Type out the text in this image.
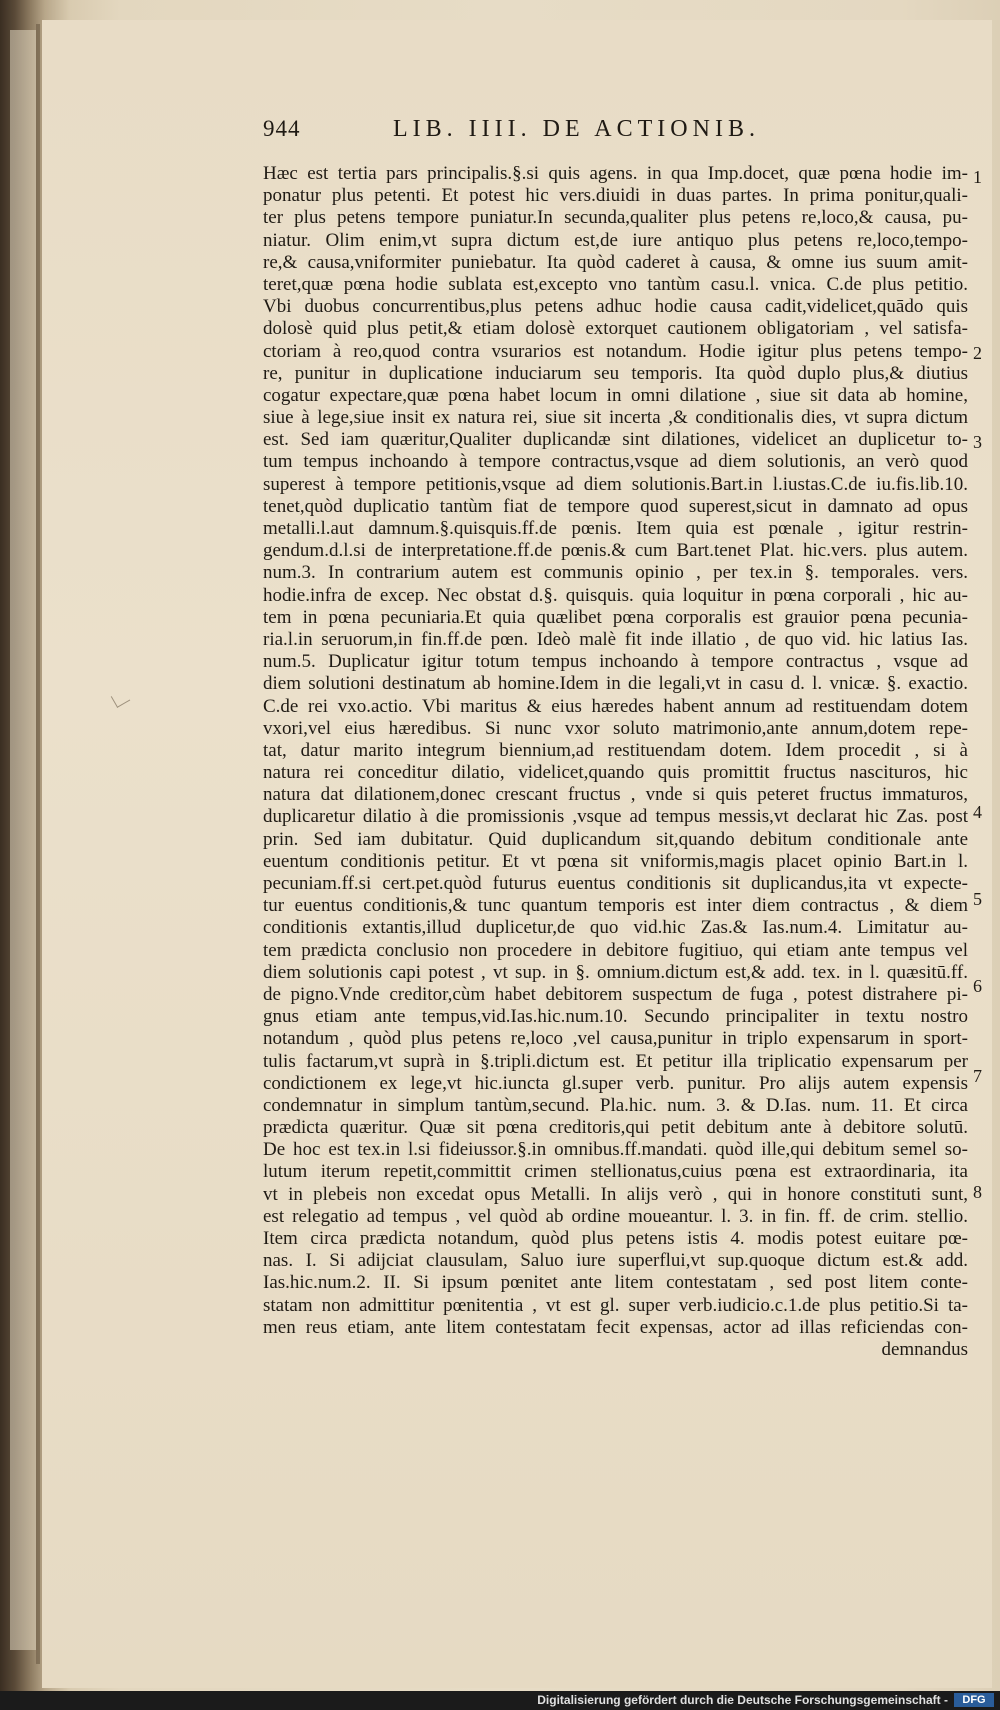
944	LIB. IIII. DE ACTIONIB.
Hæc est tertia pars principalis.§.si quis agens. in qua Imp.docet, quæ pœna hodie im-
ponatur plus petenti. Et potest hic vers.diuidi in duas partes. In prima ponitur,quali-
ter plus petens tempore puniatur.In secunda,qualiter plus petens re,loco,& causa, pu-
niatur. Olim enim,vt supra dictum est,de iure antiquo plus petens re,loco,tempo-
re,& causa,vniformiter puniebatur. Ita quòd caderet à causa, & omne ius suum amit-
teret,quæ pœna hodie sublata est,excepto vno tantùm casu.l. vnica. C.de plus petitio.
Vbi duobus concurrentibus,plus petens adhuc hodie causa cadit,videlicet,quādo quis
dolosè quid plus petit,& etiam dolosè extorquet cautionem obligatoriam , vel satisfa-
ctoriam à reo,quod contra vsurarios est notandum. Hodie igitur plus petens tempo-
re, punitur in duplicatione induciarum seu temporis. Ita quòd duplo plus,& diutius
cogatur expectare,quæ pœna habet locum in omni dilatione , siue sit data ab homine,
siue à lege,siue insit ex natura rei, siue sit incerta ,& conditionalis dies, vt supra dictum
est. Sed iam quæritur,Qualiter duplicandæ sint dilationes, videlicet an duplicetur to-
tum tempus inchoando à tempore contractus,vsque ad diem solutionis, an verò quod
superest à tempore petitionis,vsque ad diem solutionis.Bart.in l.iustas.C.de iu.fis.lib.10.
tenet,quòd duplicatio tantùm fiat de tempore quod superest,sicut in damnato ad opus
metalli.l.aut damnum.§.quisquis.ff.de pœnis. Item quia est pœnale , igitur restrin-
gendum.d.l.si de interpretatione.ff.de pœnis.& cum Bart.tenet Plat. hic.vers. plus autem.
num.3. In contrarium autem est communis opinio , per tex.in §. temporales. vers.
hodie.infra de excep. Nec obstat d.§. quisquis. quia loquitur in pœna corporali , hic au-
tem in pœna pecuniaria.Et quia quælibet pœna corporalis est grauior pœna pecunia-
ria.l.in seruorum,in fin.ff.de pœn. Ideò malè fit inde illatio , de quo vid. hic latius Ias.
num.5. Duplicatur igitur totum tempus inchoando à tempore contractus , vsque ad
diem solutioni destinatum ab homine.Idem in die legali,vt in casu d. l. vnicæ. §. exactio.
C.de rei vxo.actio. Vbi maritus & eius hæredes habent annum ad restituendam dotem
vxori,vel eius hæredibus. Si nunc vxor soluto matrimonio,ante annum,dotem repe-
tat, datur marito integrum biennium,ad restituendam dotem. Idem procedit , si à
natura rei conceditur dilatio, videlicet,quando quis promittit fructus nascituros, hic
natura dat dilationem,donec crescant fructus , vnde si quis peteret fructus immaturos,
duplicaretur dilatio à die promissionis ,vsque ad tempus messis,vt declarat hic Zas. post
prin. Sed iam dubitatur. Quid duplicandum sit,quando debitum conditionale ante
euentum conditionis petitur. Et vt pœna sit vniformis,magis placet opinio Bart.in l.
pecuniam.ff.si cert.pet.quòd futurus euentus conditionis sit duplicandus,ita vt expecte-
tur euentus conditionis,& tunc quantum temporis est inter diem contractus , & diem
conditionis extantis,illud duplicetur,de quo vid.hic Zas.& Ias.num.4. Limitatur au-
tem prædicta conclusio non procedere in debitore fugitiuo, qui etiam ante tempus vel
diem solutionis capi potest , vt sup. in §. omnium.dictum est,& add. tex. in l. quæsitū.ff.
de pigno.Vnde creditor,cùm habet debitorem suspectum de fuga , potest distrahere pi-
gnus etiam ante tempus,vid.Ias.hic.num.10. Secundo principaliter in textu nostro
notandum , quòd plus petens re,loco ,vel causa,punitur in triplo expensarum in sport-
tulis factarum,vt suprà in §.tripli.dictum est. Et petitur illa triplicatio expensarum per
condictionem ex lege,vt hic.iuncta gl.super verb. punitur. Pro alijs autem expensis
condemnatur in simplum tantùm,secund. Pla.hic. num. 3. & D.Ias. num. 11. Et circa
prædicta quæritur. Quæ sit pœna creditoris,qui petit debitum ante à debitore solutū.
De hoc est tex.in l.si fideiussor.§.in omnibus.ff.mandati. quòd ille,qui debitum semel so-
lutum iterum repetit,committit crimen stellionatus,cuius pœna est extraordinaria, ita
vt in plebeis non excedat opus Metalli. In alijs verò , qui in honore constituti sunt,
est relegatio ad tempus , vel quòd ab ordine moueantur. l. 3. in fin. ff. de crim. stellio.
Item circa prædicta notandum, quòd plus petens istis 4. modis potest euitare pœ-
nas. I. Si adijciat clausulam, Saluo iure superflui,vt sup.quoque dictum est.& add.
Ias.hic.num.2. II. Si ipsum pœnitet ante litem contestatam , sed post litem conte-
statam non admittitur pœnitentia , vt est gl. super verb.iudicio.c.1.de plus petitio.Si ta-
men reus etiam, ante litem contestatam fecit expensas, actor ad illas reficiendas con-
demnandus
1
2
3
4
5
6
7
8
Digitalisierung gefördert durch die Deutsche Forschungsgemeinschaft -	DFG
